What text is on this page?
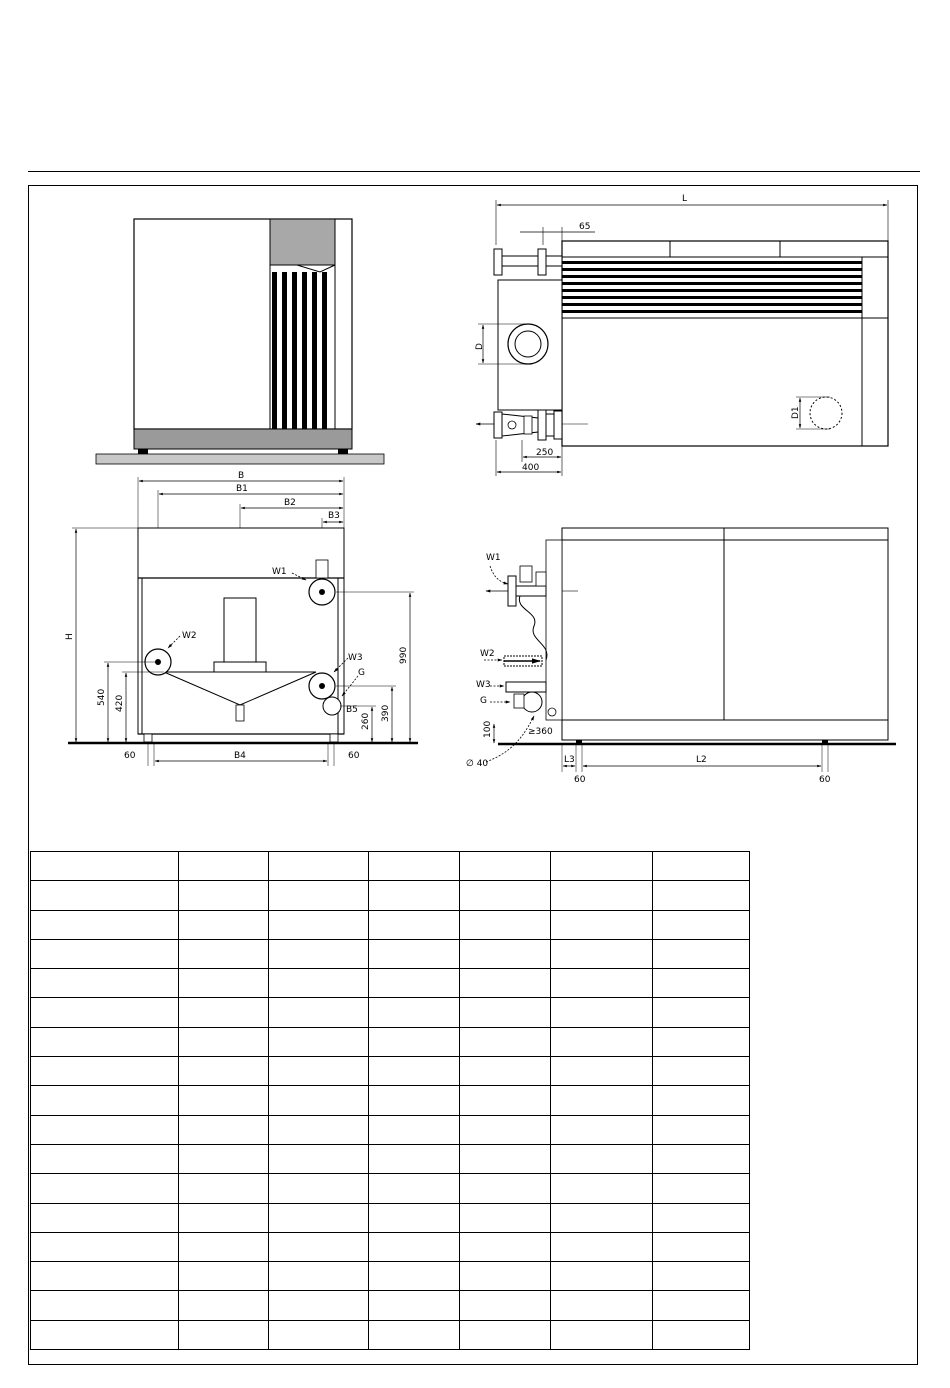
L
65
D
D1
250
400
B
B1
B2
B3
W1
W2
W3
G
B5
H
540 420
990
390
260
B4
60	60
W1
W2
W3
G
100	≥360
∅ 40	L3	L2
60	60
